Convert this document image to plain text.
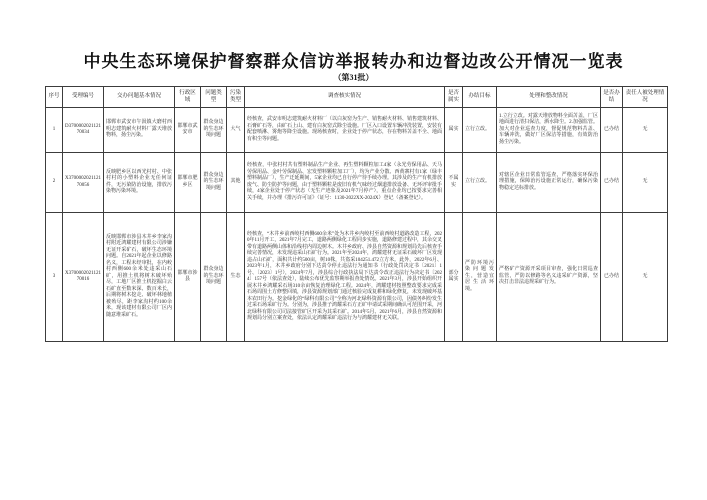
中央生态环境保护督察群众信访举报转办和边督边改公开情况一览表
（第31批）
序号	受理编号	交办问题基本情况	行政区域	问题类型	污染类型	调查核实情况	是否属实	办结目标	处理和整改情况	是否办结	责任人被处理情况
1	D370000202112170034	邯郸市武安市午汲镇大磨村西明志建筑耐火材料厂露天堆放物料，扬尘污染。	邯郸市武安市	群众身边的生态环境问题	大气	经核查，武安市明志建筑耐火材料厂（以白灰窑为生产、销售耐火材料、销售建筑材料、石膏矿石等，由矿石上山、建有白灰窑式除尘设施。厂区入口设置车辆冲洗装置，安装有配套喷淋、雾炮等降尘设施。现场核查时，企业处于停产状态，存在物料苫盖不全、地面有积尘等问题。	属实	立行立改。	1.立行立改。对露天堆放物料全面苫盖，厂区地面进行清扫保洁，洒水降尘。2.加强监管。加大对企业巡查力度，督促规范物料苫盖、车辆冲洗，做好厂区保洁等措施，有效防治扬尘污染。	已办结	无
2	X370000202112170056	反映肥乡区以西光村村、中张村村的小塑料企业无任何证件，无污染防治设施，排放污染物污染环境。	邯郸市肥乡区	群众身边的生态环境问题	其他	经核查，中张村村共有塑料制品生产企业、再生塑料颗粒加工4家（永光劳保用品、天马劳保用品、金叶劳保制品、宏发塑料颗粒加工厂），均为产业分散、西黄寨村有1家（绿丰塑料制品厂），生产迁延期间，5家企业均已自行停产待手续办理。其涉及的生产有机排放废气、防尘防护等问题，由于塑料颗粒是废旧有机气味经过烟道排放设备、无环评审批手续，4家企业处于停产状态（无生产迹象及2021年7月停产），重点企业均已按要求完善相关手续，并办理《排污许可证》（证号：1130-2022XX-2024X）登记（备案登记）。	不属实	立行立改。	对辖区企业日常监管巡查，严格落实环保治理措施，保障治污设施正常运行，确保污染物稳定达标排放。	已办结	无
3	X370000202112170016	反映邯郸市涉县木井乡李家沟村附近鸿耀建材有限公司涉嫌无证开采矿石，破坏生态环境问题。自2021年起企业以修路名义，工程未经审批，在内峧村西侧600余米处违采山石矿，用推土机将树木破坏殆尽，工地厂区推土机挖掘白云石矿直至数米深、数百米长，后期将树木挖走、破坏林地植被殆尽，距李家沟村约100余米，现该建材有限公司厂区内随意堆采矿石。	邯郸市涉县	群众身边的生态环境问题	生态	经核查，“木井乡前西峧村西侧600余米”处为木井乡内峧村至前西峧村道路改造工程，2020年11月开工，2021年7月完工，道路两侧绿化工程同步实施，道路修建过程中，其余交叉带有道路两侧山体和沿线村内周边树木。木井乡政府、涉县自然资源和规划局先后核查手续完善情况，未发现违采山石矿行为。2021年至2024年，鸿耀建材无证采石破坏厂区发现违占山石矿，面积共计约500亩，树10株，共盗采104251.472立方米。此外，2022年6月、2023年1月，木井乡政府分别下达责令停止违法行为通知书（行政处罚决定书〔2021〕1号、〔2023〕1号），2024年7月，涉县综合行政执法局下达责令改正违法行为决定书〔2024〕157号（依法查处），陆续公布优先监察期举报查处情况。2021年3月，涉县开始组织开展木井乡鸿耀采石场310余亩恢复治理绿化工程。2024年，鸿耀建材按照整改要求完成采石场周围土方修整回填，涉县资源规划部门通过核验完成复耕和绿化修复，未发现破坏基本农田行为。挖金绿化的“绿科有限公司”全称为河北绿科资源有限公司，因债务纠纷发生过采石场采矿行为。分别为，涉县推子鸿耀采石方正矿申请试采期间确认可范围开采，河北绿科有限公司司法接管矿区开采为其采石矿。2014年5月、2021年6月，涉县自然资源和规划局分别立案查处，依法认定鸿耀采矿违法行为与鸿耀建材无关联。	部分属实	严防环境污染问题发生，营造宜居生活环境。	严格矿产资源开采项目审查，强化日常巡查监管，严防以修路等名义违采矿产资源，坚决打击非法违规采矿行为。	已办结	无
